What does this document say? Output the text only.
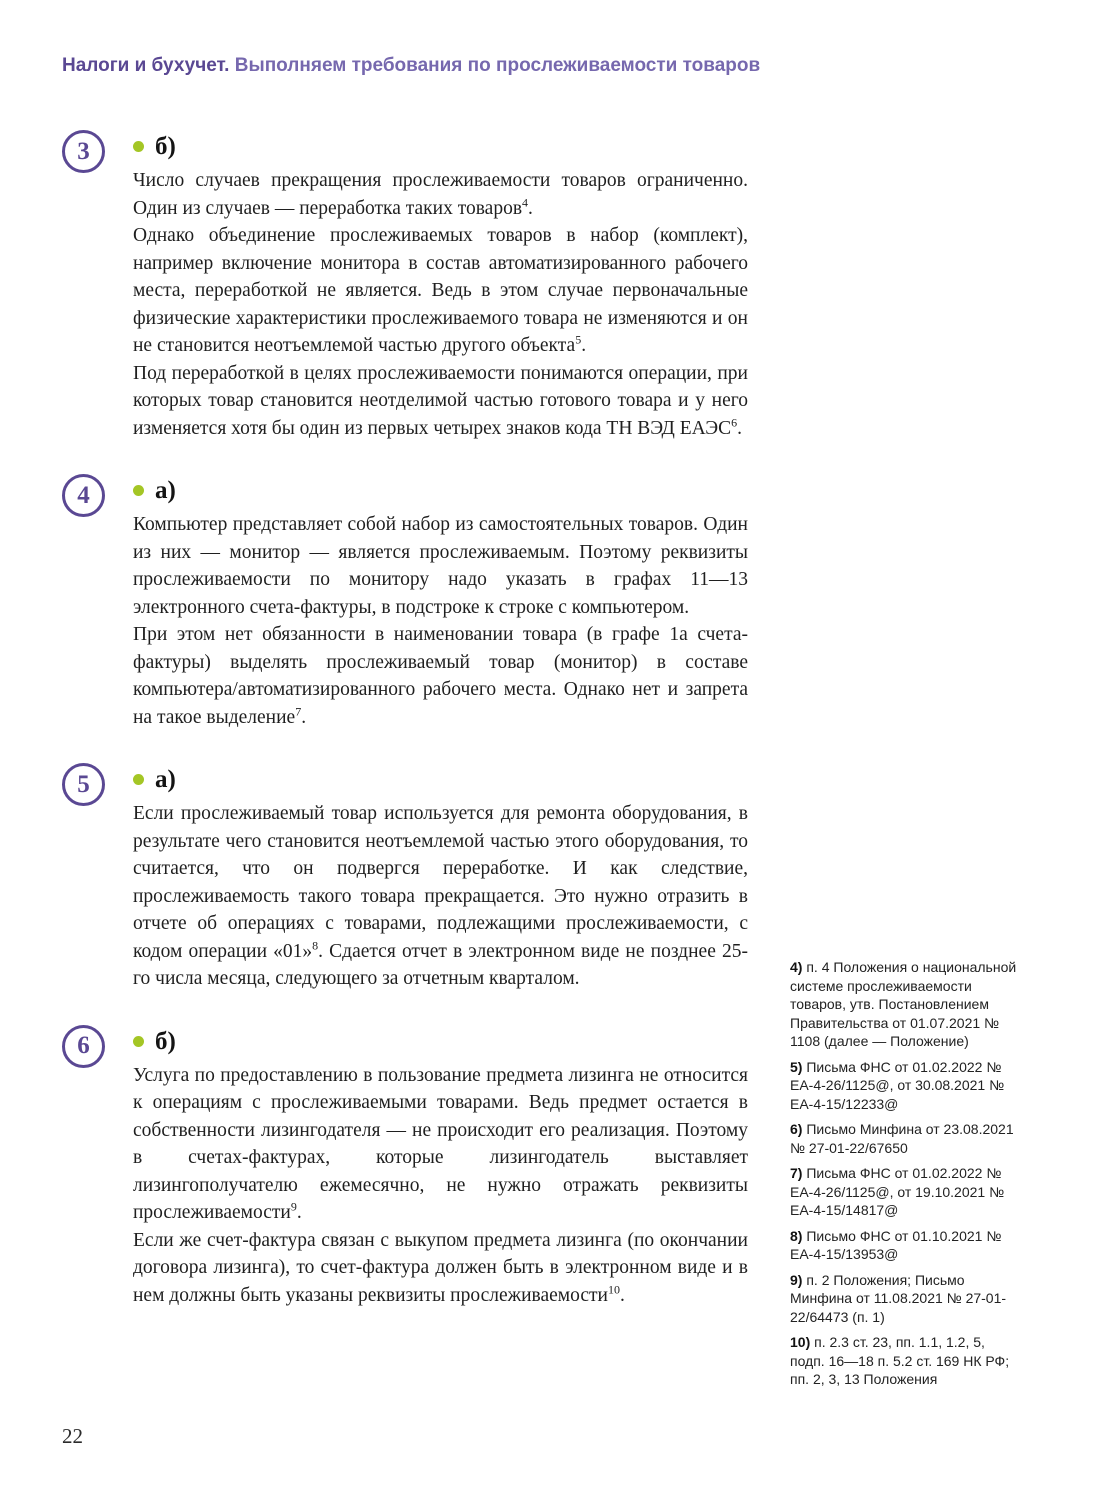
Налоги и бухучет. Выполняем требования по прослеживаемости товаров
3	б)

Число случаев прекращения прослеживаемости товаров ограниченно. Один из случаев — переработка таких товаров$^4$.

Однако объединение прослеживаемых товаров в набор (комплект), например включение монитора в состав автоматизированного рабочего места, переработкой не является. Ведь в этом случае первоначальные физические характеристики прослеживаемого товара не изменяются и он не становится неотъемлемой частью другого объекта$^5$.

Под переработкой в целях прослеживаемости понимаются операции, при которых товар становится неотделимой частью готового товара и у него изменяется хотя бы один из первых четырех знаков кода ТН ВЭД ЕАЭС$^6$.

4	а)

Компьютер представляет собой набор из самостоятельных товаров. Один из них — монитор — является прослеживаемым. Поэтому реквизиты прослеживаемости по монитору надо указать в графах 11—13 электронного счета-фактуры, в подстроке к строке с компьютером.

При этом нет обязанности в наименовании товара (в графе 1а счета-фактуры) выделять прослеживаемый товар (монитор) в составе компьютера/автоматизированного рабочего места. Однако нет и запрета на такое выделение$^7$.

5	а)

Если прослеживаемый товар используется для ремонта оборудования, в результате чего становится неотъемлемой частью этого оборудования, то считается, что он подвергся переработке. И как следствие, прослеживаемость такого товара прекращается. Это нужно отразить в отчете об операциях с товарами, подлежащими прослеживаемости, с кодом операции «01»$^8$. Сдается отчет в электронном виде не позднее 25-го числа месяца, следующего за отчетным кварталом.

6	б)

Услуга по предоставлению в пользование предмета лизинга не относится к операциям с прослеживаемыми товарами. Ведь предмет остается в собственности лизингодателя — не происходит его реализация. Поэтому в счетах-фактурах, которые лизингодатель выставляет лизингополучателю ежемесячно, не нужно отражать реквизиты прослеживаемости$^9$.

Если же счет-фактура связан с выкупом предмета лизинга (по окончании договора лизинга), то счет-фактура должен быть в электронном виде и в нем должны быть указаны реквизиты прослеживаемости$^{10}$.

4) п. 4 Положения о национальной системе прослеживаемости товаров, утв. Постановлением Правительства от 01.07.2021 № 1108 (далее — Положение)

5) Письма ФНС от 01.02.2022 № ЕА-4-26/1125@, от 30.08.2021 № ЕА-4-15/12233@

6) Письмо Минфина от 23.08.2021 № 27-01-22/67650

7) Письма ФНС от 01.02.2022 № ЕА-4-26/1125@, от 19.10.2021 № ЕА-4-15/14817@

8) Письмо ФНС от 01.10.2021 № ЕА-4-15/13953@

9) п. 2 Положения; Письмо Минфина от 11.08.2021 № 27-01-22/64473 (п. 1)

10) п. 2.3 ст. 23, пп. 1.1, 1.2, 5, подп. 16—18 п. 5.2 ст. 169 НК РФ; пп. 2, 3, 13 Положения

22
